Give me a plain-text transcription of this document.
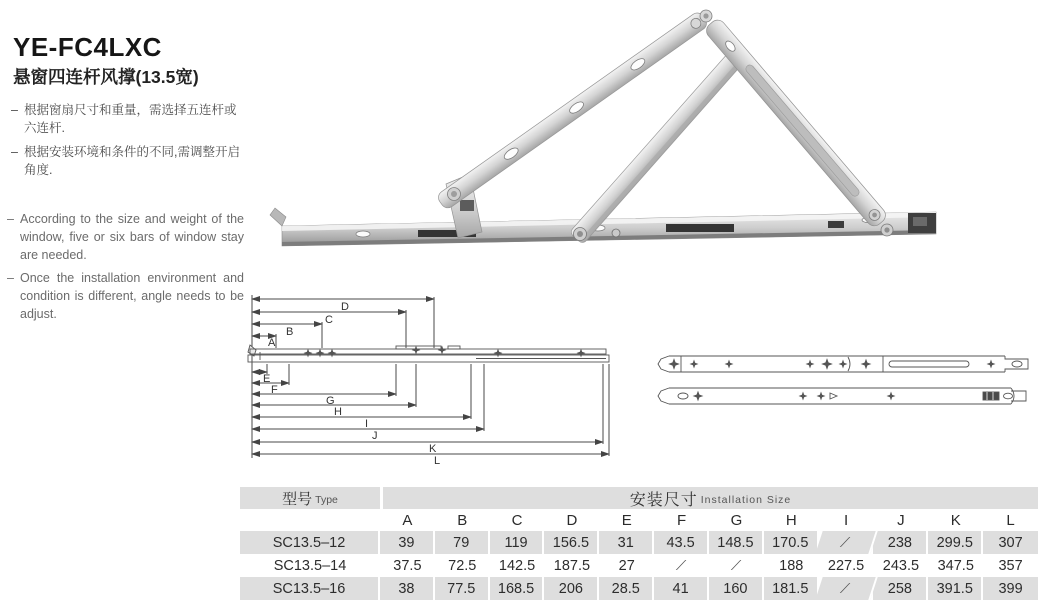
YE-FC4LXC
悬窗四连杆风撑(13.5宽)
– 根据窗扇尺寸和重量，需选择五连杆或六连杆.
– 根据安装环境和条件的不同,需调整开启角度.
– According to the size and weight of the window, five or six bars of window stay are needed.
– Once the installation environment and condition is different, angle needs to be adjust.	D
C
B
A
E
F
G
H
I
J
K
L
型号 Type	安装尺寸 Installation Size
A	B	C	D	E	F	G	H	I	J	K	L
SC13.5–12	39	79	119	156.5	31	43.5	148.5	170.5	∕	238	299.5	307
SC13.5–14	37.5	72.5	142.5	187.5	27	∕	∕	188	227.5	243.5	347.5	357
SC13.5–16	38	77.5	168.5	206	28.5	41	160	181.5	∕	258	391.5	399
